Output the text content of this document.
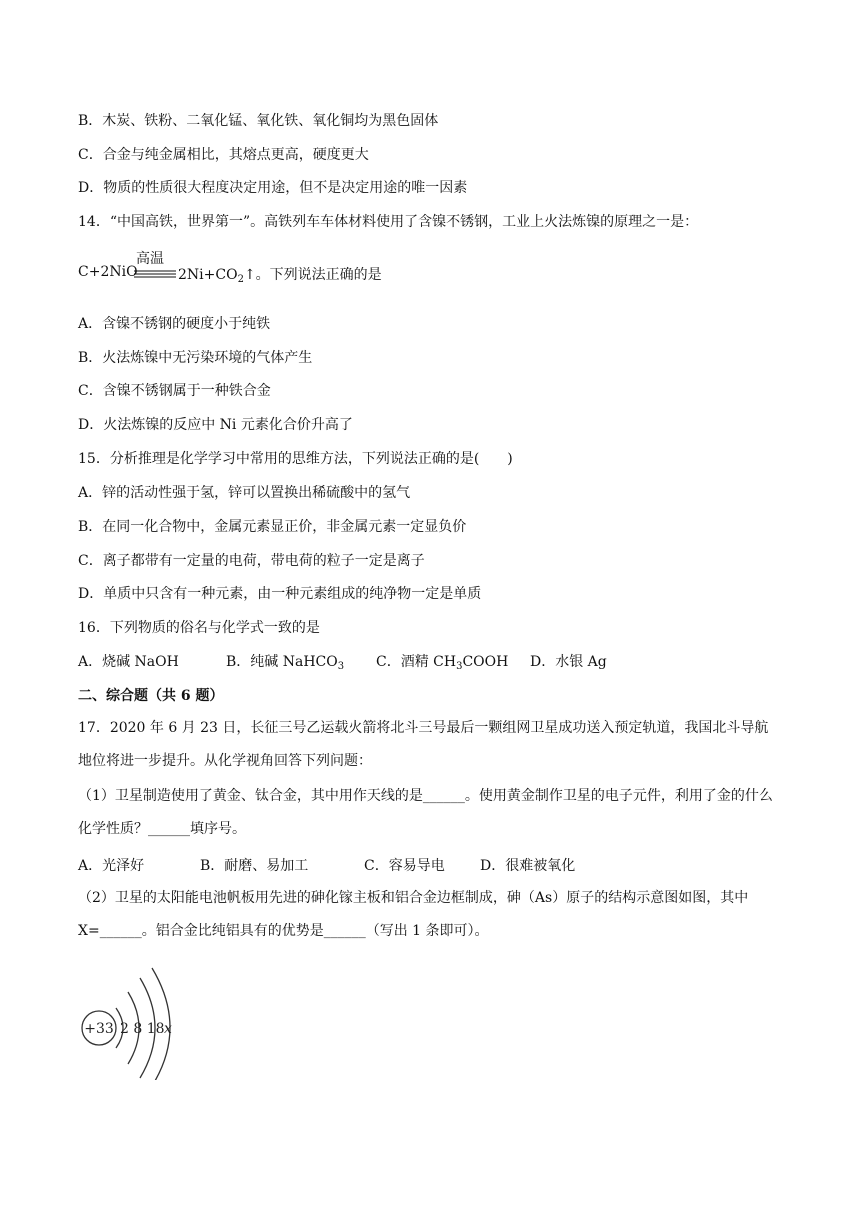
B．木炭、铁粉、二氧化锰、氧化铁、氧化铜均为黑色固体
C．合金与纯金属相比，其熔点更高，硬度更大
D．物质的性质很大程度决定用途，但不是决定用途的唯一因素
14．“中国高铁，世界第一”。高铁列车车体材料使用了含镍不锈钢，工业上火法炼镍的原理之一是：
C+2NiO
高温
$2Ni+CO_2↑$。下列说法正确的是
A．含镍不锈钢的硬度小于纯铁
B．火法炼镍中无污染环境的气体产生
C．含镍不锈钢属于一种铁合金
D．火法炼镍的反应中 Ni 元素化合价升高了
15．分析推理是化学学习中常用的思维方法，下列说法正确的是(　　)
A．锌的活动性强于氢，锌可以置换出稀硫酸中的氢气
B．在同一化合物中，金属元素显正价，非金属元素一定显负价
C．离子都带有一定量的电荷，带电荷的粒子一定是离子
D．单质中只含有一种元素，由一种元素组成的纯净物一定是单质
16．下列物质的俗名与化学式一致的是
A．烧碱 NaOH	B．纯碱 NaHCO$_3$ C．酒精 $CH_3COOH$ D．水银 Ag
二、综合题（共 6 题）
17．2020 年 6 月 23 日，长征三号乙运载火箭将北斗三号最后一颗组网卫星成功送入预定轨道，我国北斗导航地位将进一步提升。从化学视角回答下列问题：
（1）卫星制造使用了黄金、钛合金，其中用作天线的是______。使用黄金制作卫星的电子元件，利用了金的什么化学性质？______填序号。
A．光泽好	B．耐磨、易加工	C．容易导电	D．很难被氧化
（2）卫星的太阳能电池帆板用先进的砷化镓主板和铝合金边框制成，砷（As）原子的结构示意图如图，其中 X=______。铝合金比纯铝具有的优势是______（写出 1 条即可）。
+33 2 8 18 x
